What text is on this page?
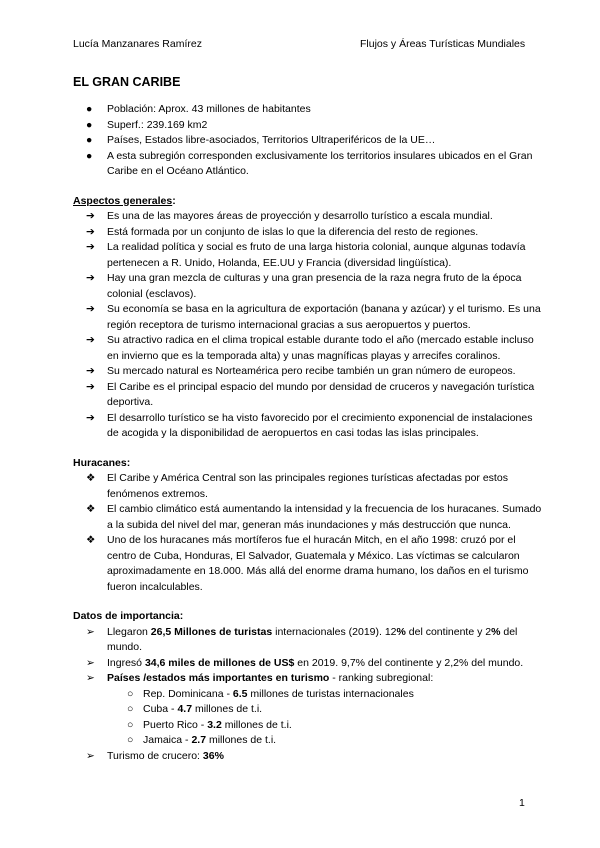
Lucía Manzanares Ramírez	Flujos y Áreas Turísticas Mundiales
EL GRAN CARIBE
●	Población: Aprox. 43 millones de habitantes
●	Superf.: 239.169 km2
●	Países, Estados libre-asociados, Territorios Ultraperiféricos de la UE…
●	A esta subregión corresponden exclusivamente los territorios insulares ubicados en el Gran Caribe en el Océano Atlántico.
Aspectos generales:
➔	Es una de las mayores áreas de proyección y desarrollo turístico a escala mundial.
➔	Está formada por un conjunto de islas lo que la diferencia del resto de regiones.
➔	La realidad política y social es fruto de una larga historia colonial, aunque algunas todavía pertenecen a R. Unido, Holanda, EE.UU y Francia (diversidad lingüística).
➔	Hay una gran mezcla de culturas y una gran presencia de la raza negra fruto de la época colonial (esclavos).
➔	Su economía se basa en la agricultura de exportación (banana y azúcar) y el turismo. Es una región receptora de turismo internacional gracias a sus aeropuertos y puertos.
➔	Su atractivo radica en el clima tropical estable durante todo el año (mercado estable incluso en invierno que es la temporada alta) y unas magníficas playas y arrecifes coralinos.
➔	Su mercado natural es Norteamérica pero recibe también un gran número de europeos.
➔	El Caribe es el principal espacio del mundo por densidad de cruceros y navegación turística deportiva.
➔	El desarrollo turístico se ha visto favorecido por el crecimiento exponencial de instalaciones de acogida y la disponibilidad de aeropuertos en casi todas las islas principales.
Huracanes:
❖	El Caribe y América Central son las principales regiones turísticas afectadas por estos fenómenos extremos.
❖	El cambio climático está aumentando la intensidad y la frecuencia de los huracanes. Sumado a la subida del nivel del mar, generan más inundaciones y más destrucción que nunca.
❖	Uno de los huracanes más mortíferos fue el huracán Mitch, en el año 1998: cruzó por el centro de Cuba, Honduras, El Salvador, Guatemala y México. Las víctimas se calcularon aproximadamente en 18.000. Más allá del enorme drama humano, los daños en el turismo fueron incalculables.
Datos de importancia:
➢	Llegaron 26,5 Millones de turistas internacionales (2019). 12% del continente y 2% del mundo.
➢	Ingresó 34,6 miles de millones de US$ en 2019. 9,7% del continente y 2,2% del mundo.
➢	Países /estados más importantes en turismo - ranking subregional:
○ Rep. Dominicana - 6.5 millones de turistas internacionales
○ Cuba - 4.7 millones de t.i.
○ Puerto Rico - 3.2 millones de t.i.
○ Jamaica - 2.7 millones de t.i.
➢	Turismo de crucero: 36%
1
